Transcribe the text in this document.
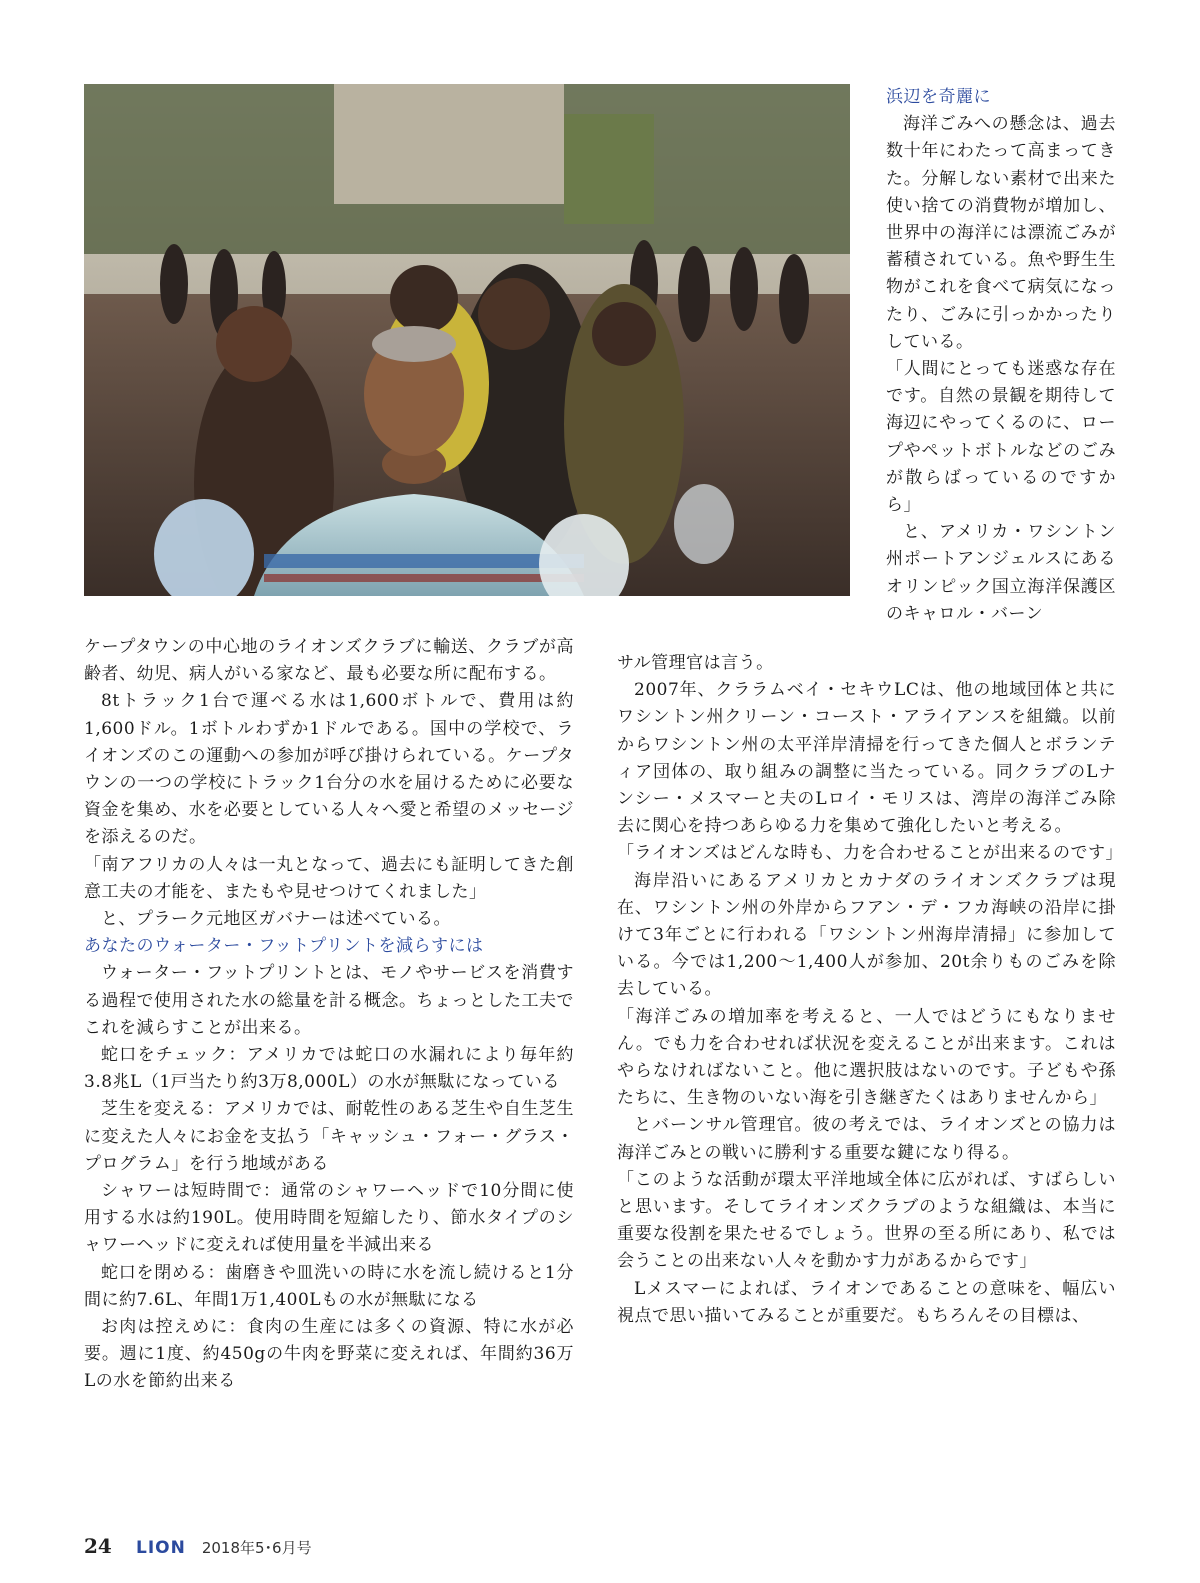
浜辺を奇麗に

海洋ごみへの懸念は、過去数十年にわたって高まってきた。分解しない素材で出来た使い捨ての消費物が増加し、世界中の海洋には漂流ごみが蓄積されている。魚や野生生物がこれを食べて病気になったり、ごみに引っかかったりしている。

「人間にとっても迷惑な存在です。自然の景観を期待して海辺にやってくるのに、ロープやペットボトルなどのごみが散らばっているのですから」

と、アメリカ・ワシントン州ポートアンジェルスにあるオリンピック国立海洋保護区のキャロル・バーン

ケープタウンの中心地のライオンズクラブに輸送、クラブが高齢者、幼児、病人がいる家など、最も必要な所に配布する。

8tトラック1台で運べる水は1,600ボトルで、費用は約1,600ドル。1ボトルわずか1ドルである。国中の学校で、ライオンズのこの運動への参加が呼び掛けられている。ケープタウンの一つの学校にトラック1台分の水を届けるために必要な資金を集め、水を必要としている人々へ愛と希望のメッセージを添えるのだ。

「南アフリカの人々は一丸となって、過去にも証明してきた創意工夫の才能を、またもや見せつけてくれました」

と、プラーク元地区ガバナーは述べている。

あなたのウォーター・フットプリントを減らすには

ウォーター・フットプリントとは、モノやサービスを消費する過程で使用された水の総量を計る概念。ちょっとした工夫でこれを減らすことが出来る。

蛇口をチェック：アメリカでは蛇口の水漏れにより毎年約3.8兆L（1戸当たり約3万8,000L）の水が無駄になっている

芝生を変える：アメリカでは、耐乾性のある芝生や自生芝生に変えた人々にお金を支払う「キャッシュ・フォー・グラス・プログラム」を行う地域がある

シャワーは短時間で：通常のシャワーヘッドで10分間に使用する水は約190L。使用時間を短縮したり、節水タイプのシャワーヘッドに変えれば使用量を半減出来る

蛇口を閉める：歯磨きや皿洗いの時に水を流し続けると1分間に約7.6L、年間1万1,400Lもの水が無駄になる

お肉は控えめに：食肉の生産には多くの資源、特に水が必要。週に1度、約450gの牛肉を野菜に変えれば、年間約36万Lの水を節約出来る

サル管理官は言う。

2007年、クララムベイ・セキウLCは、他の地域団体と共にワシントン州クリーン・コースト・アライアンスを組織。以前からワシントン州の太平洋岸清掃を行ってきた個人とボランティア団体の、取り組みの調整に当たっている。同クラブのLナンシー・メスマーと夫のLロイ・モリスは、湾岸の海洋ごみ除去に関心を持つあらゆる力を集めて強化したいと考える。

「ライオンズはどんな時も、力を合わせることが出来るのです」

海岸沿いにあるアメリカとカナダのライオンズクラブは現在、ワシントン州の外岸からフアン・デ・フカ海峡の沿岸に掛けて3年ごとに行われる「ワシントン州海岸清掃」に参加している。今では1,200〜1,400人が参加、20t余りものごみを除去している。

「海洋ごみの増加率を考えると、一人ではどうにもなりません。でも力を合わせれば状況を変えることが出来ます。これはやらなければないこと。他に選択肢はないのです。子どもや孫たちに、生き物のいない海を引き継ぎたくはありませんから」

とバーンサル管理官。彼の考えでは、ライオンズとの協力は海洋ごみとの戦いに勝利する重要な鍵になり得る。

「このような活動が環太平洋地域全体に広がれば、すばらしいと思います。そしてライオンズクラブのような組織は、本当に重要な役割を果たせるでしょう。世界の至る所にあり、私では会うことの出来ない人々を動かす力があるからです」

Lメスマーによれば、ライオンであることの意味を、幅広い視点で思い描いてみることが重要だ。もちろんその目標は、

24	LION 2018年5･6月号
